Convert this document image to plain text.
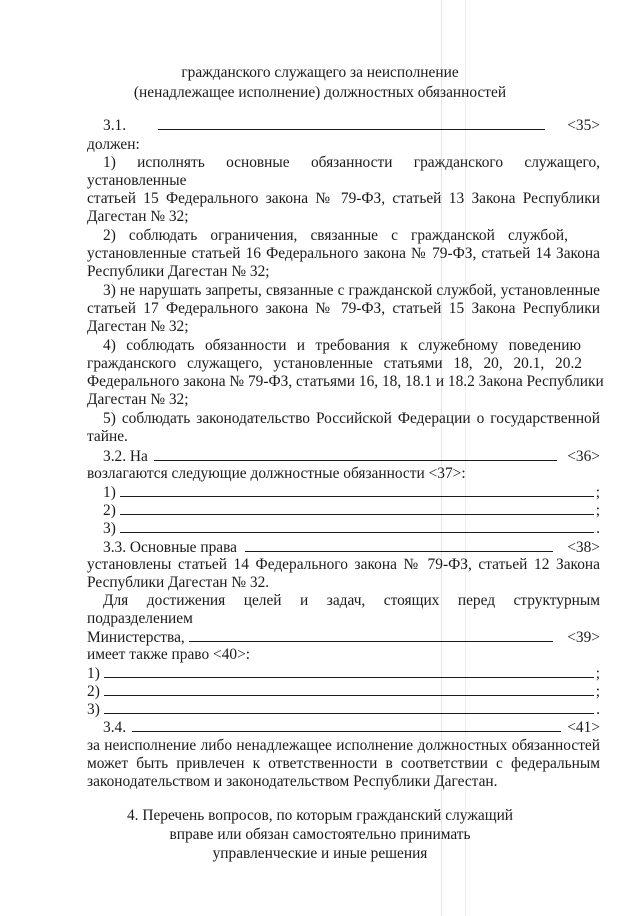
гражданского служащего за неисполнение
(ненадлежащее исполнение) должностных обязанностей
3.1.	<35>
должен:
1) исполнять основные обязанности гражданского служащего,
установленные
статьей 15 Федерального закона № 79-ФЗ, статьей 13 Закона Республики
Дагестан № 32;
2) соблюдать ограничения, связанные с гражданской службой,
установленные статьей 16 Федерального закона № 79-ФЗ, статьей 14 Закона
Республики Дагестан № 32;
3) не нарушать запреты, связанные с гражданской службой, установленные
статьей 17 Федерального закона № 79-ФЗ, статьей 15 Закона Республики
Дагестан № 32;
4) соблюдать обязанности и требования к служебному поведению
гражданского служащего, установленные статьями 18, 20, 20.1, 20.2
Федерального закона № 79-ФЗ, статьями 16, 18, 18.1 и 18.2 Закона Республики
Дагестан № 32;
5) соблюдать законодательство Российской Федерации о государственной
тайне.
3.2. На	<36>
возлагаются следующие должностные обязанности <37>:
1)	;
2)	;
3)	.
3.3. Основные права	<38>
установлены статьей 14 Федерального закона № 79-ФЗ, статьей 12 Закона
Республики Дагестан № 32.
Для достижения целей и задач, стоящих перед структурным
подразделением
Министерства,	<39>
имеет также право <40>:
1)	;
2)	;
3)	.
3.4.	<41>
за неисполнение либо ненадлежащее исполнение должностных обязанностей
может быть привлечен к ответственности в соответствии с федеральным
законодательством и законодательством Республики Дагестан.
4. Перечень вопросов, по которым гражданский служащий
вправе или обязан самостоятельно принимать
управленческие и иные решения
